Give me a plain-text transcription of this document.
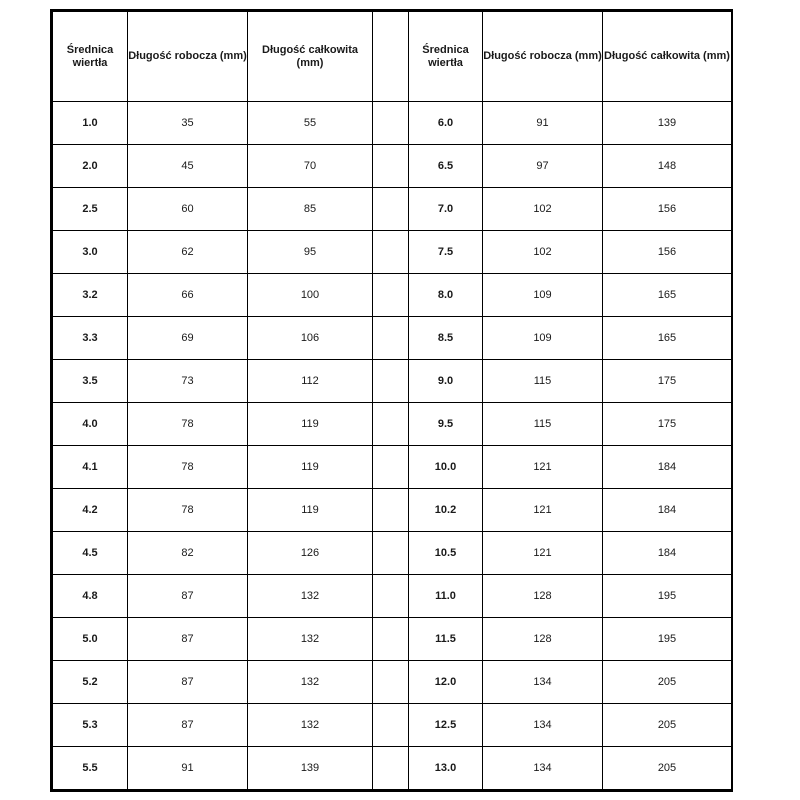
Średnica wiertła	Długość robocza (mm)	Długość całkowita (mm)		Średnica wiertła	Długość robocza (mm)	Długość całkowita (mm)
1.0	35	55		6.0	91	139
2.0	45	70		6.5	97	148
2.5	60	85		7.0	102	156
3.0	62	95		7.5	102	156
3.2	66	100		8.0	109	165
3.3	69	106		8.5	109	165
3.5	73	112		9.0	115	175
4.0	78	119		9.5	115	175
4.1	78	119		10.0	121	184
4.2	78	119		10.2	121	184
4.5	82	126		10.5	121	184
4.8	87	132		11.0	128	195
5.0	87	132		11.5	128	195
5.2	87	132		12.0	134	205
5.3	87	132		12.5	134	205
5.5	91	139		13.0	134	205
